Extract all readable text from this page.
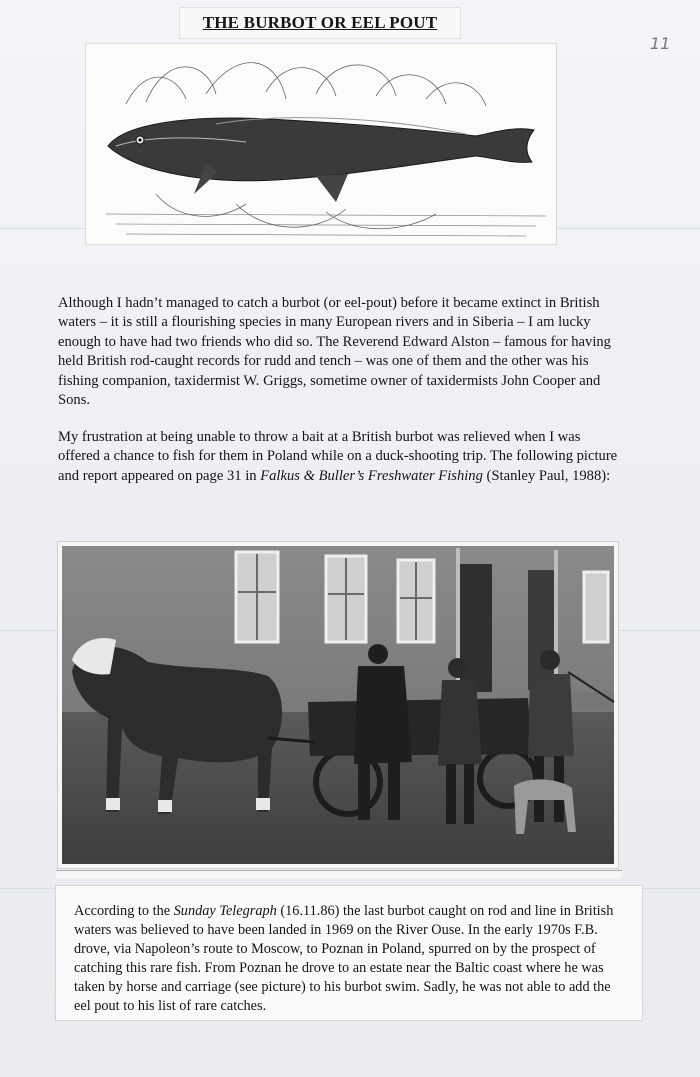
THE BURBOT OR EEL POUT
11
Although I hadn’t managed to catch a burbot (or eel-pout) before it became extinct in British waters – it is still a flourishing species in many European rivers and in Siberia – I am lucky enough to have had two friends who did so. The Reverend Edward Alston – famous for having held British rod-caught records for rudd and tench – was one of them and the other was his fishing companion, taxidermist W. Griggs, sometime owner of taxidermists John Cooper and Sons.
My frustration at being unable to throw a bait at a British burbot was relieved when I was offered a chance to fish for them in Poland while on a duck-shooting trip. The following picture and report appeared on page 31 in Falkus & Buller’s Freshwater Fishing (Stanley Paul, 1988):
According to the Sunday Telegraph (16.11.86) the last burbot caught on rod and line in British waters was believed to have been landed in 1969 on the River Ouse. In the early 1970s F.B. drove, via Napoleon’s route to Moscow, to Poznan in Poland, spurred on by the prospect of catching this rare fish. From Poznan he drove to an estate near the Baltic coast where he was taken by horse and carriage (see picture) to his burbot swim. Sadly, he was not able to add the eel pout to his list of rare catches.
